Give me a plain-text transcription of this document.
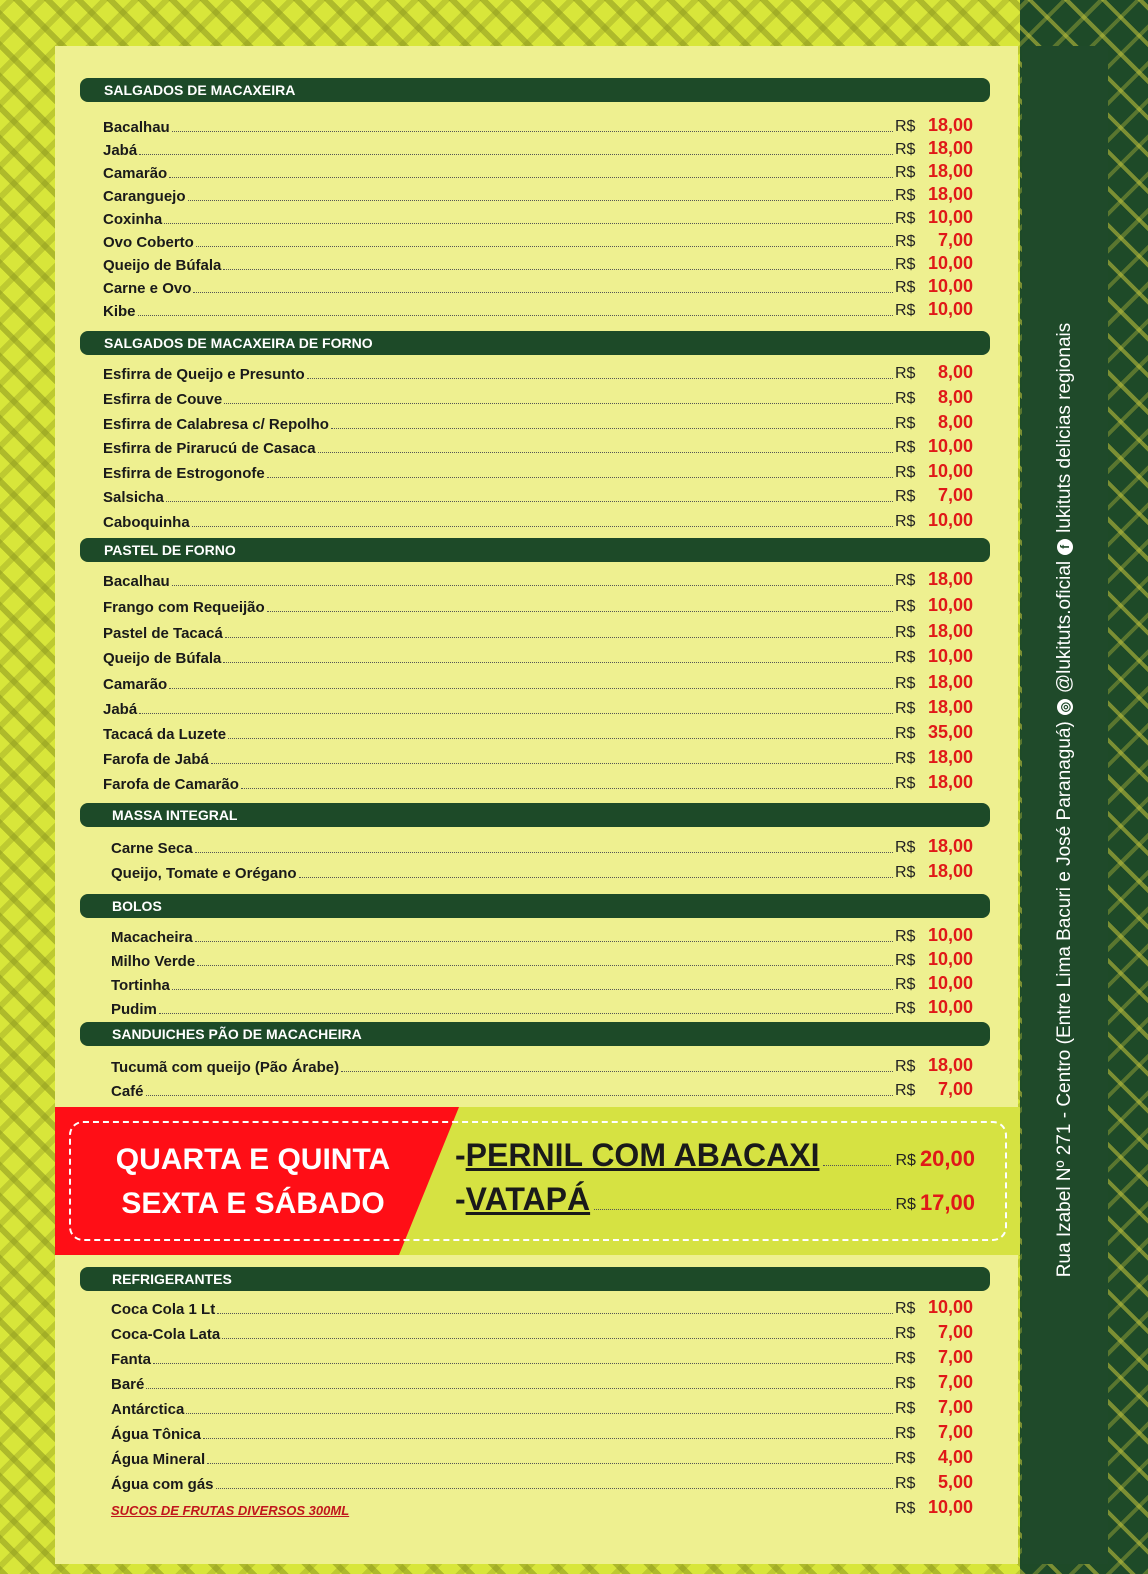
Rua Izabel Nº 271 - Centro (Entre Lima Bacuri e José Paranaguá)
◎
@lukituts.oficial
f
lukituts delicias regionais
SALGADOS DE MACAXEIRA
Bacalhau	R$ 18,00
Jabá	R$ 18,00
Camarão	R$ 18,00
Caranguejo	R$ 18,00
Coxinha	R$ 10,00
Ovo Coberto	R$	7,00
Queijo de Búfala	R$ 10,00
Carne e Ovo	R$ 10,00
Kibe	R$ 10,00
SALGADOS DE MACAXEIRA DE FORNO
Esfirra de Queijo e Presunto	R$	8,00
Esfirra de Couve	R$	8,00
Esfirra de Calabresa c/ Repolho	R$	8,00
Esfirra de Pirarucú de Casaca	R$ 10,00
Esfirra de Estrogonofe	R$ 10,00
Salsicha	R$	7,00
Caboquinha	R$ 10,00
PASTEL DE FORNO
Bacalhau	R$ 18,00
Frango com Requeijão	R$ 10,00
Pastel de Tacacá	R$ 18,00
Queijo de Búfala	R$ 10,00
Camarão	R$ 18,00
Jabá	R$ 18,00
Tacacá da Luzete	R$ 35,00
Farofa de Jabá	R$ 18,00
Farofa de Camarão	R$ 18,00
MASSA INTEGRAL
Carne Seca	R$ 18,00
Queijo, Tomate e Orégano	R$ 18,00
BOLOS
Macacheira	R$ 10,00
Milho Verde	R$ 10,00
Tortinha	R$ 10,00
Pudim	R$ 10,00
SANDUICHES PÃO DE MACACHEIRA
Tucumã com queijo (Pão Árabe)	R$ 18,00
Café	R$	7,00
QUARTA E QUINTA
SEXTA E SÁBADO
- PERNIL COM ABACAXI	R$ 20,00
- VATAPÁ	R$ 17,00
REFRIGERANTES
Coca Cola 1 Lt	R$ 10,00
Coca-Cola Lata	R$	7,00
Fanta	R$	7,00
Baré	R$	7,00
Antárctica	R$	7,00
Água Tônica	R$	7,00
Água Mineral	R$	4,00
Água com gás	R$	5,00
SUCOS DE FRUTAS DIVERSOS 300ML	R$ 10,00
